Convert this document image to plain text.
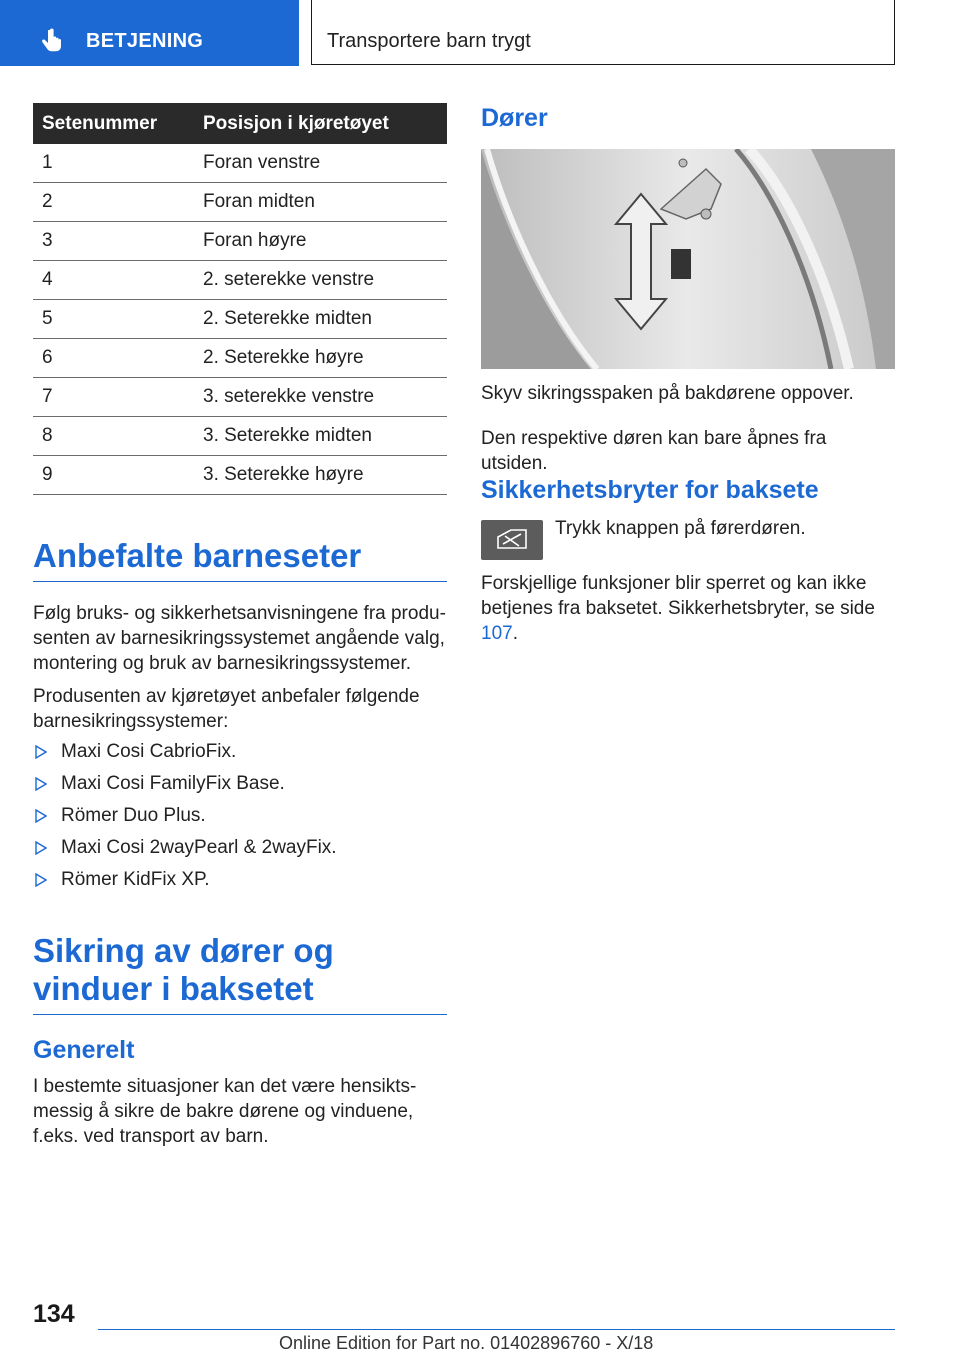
BETJENING	Transportere barn trygt
Setenummer	Posisjon i kjøretøyet
1	Foran venstre
2	Foran midten
3	Foran høyre
4	2. seterekke venstre
5	2. Seterekke midten
6	2. Seterekke høyre
7	3. seterekke venstre
8	3. Seterekke midten
9	3. Seterekke høyre
Anbefalte barneseter

Følg bruks- og sikkerhetsanvisningene fra produsenten av barnesikringssystemet angående valg, montering og bruk av barnesikringssystemer.

Produsenten av kjøretøyet anbefaler følgende barnesikringssystemer:

Maxi Cosi CabrioFix.
Maxi Cosi FamilyFix Base.
Römer Duo Plus.
Maxi Cosi 2wayPearl & 2wayFix.
Römer KidFix XP.
Sikring av dører og vinduer i baksetet
Generelt

I bestemte situasjoner kan det være hensiktsmessig å sikre de bakre dørene og vinduene, f.eks. ved transport av barn.

Dører

Skyv sikringsspaken på bakdørene oppover.

Den respektive døren kan bare åpnes fra utsiden.

Sikkerhetsbryter for baksete

Trykk knappen på førerdøren.

Forskjellige funksjoner blir sperret og kan ikke betjenes fra baksetet. Sikkerhetsbryter, se side 107.

134
Online Edition for Part no. 01402896760 - X/18
